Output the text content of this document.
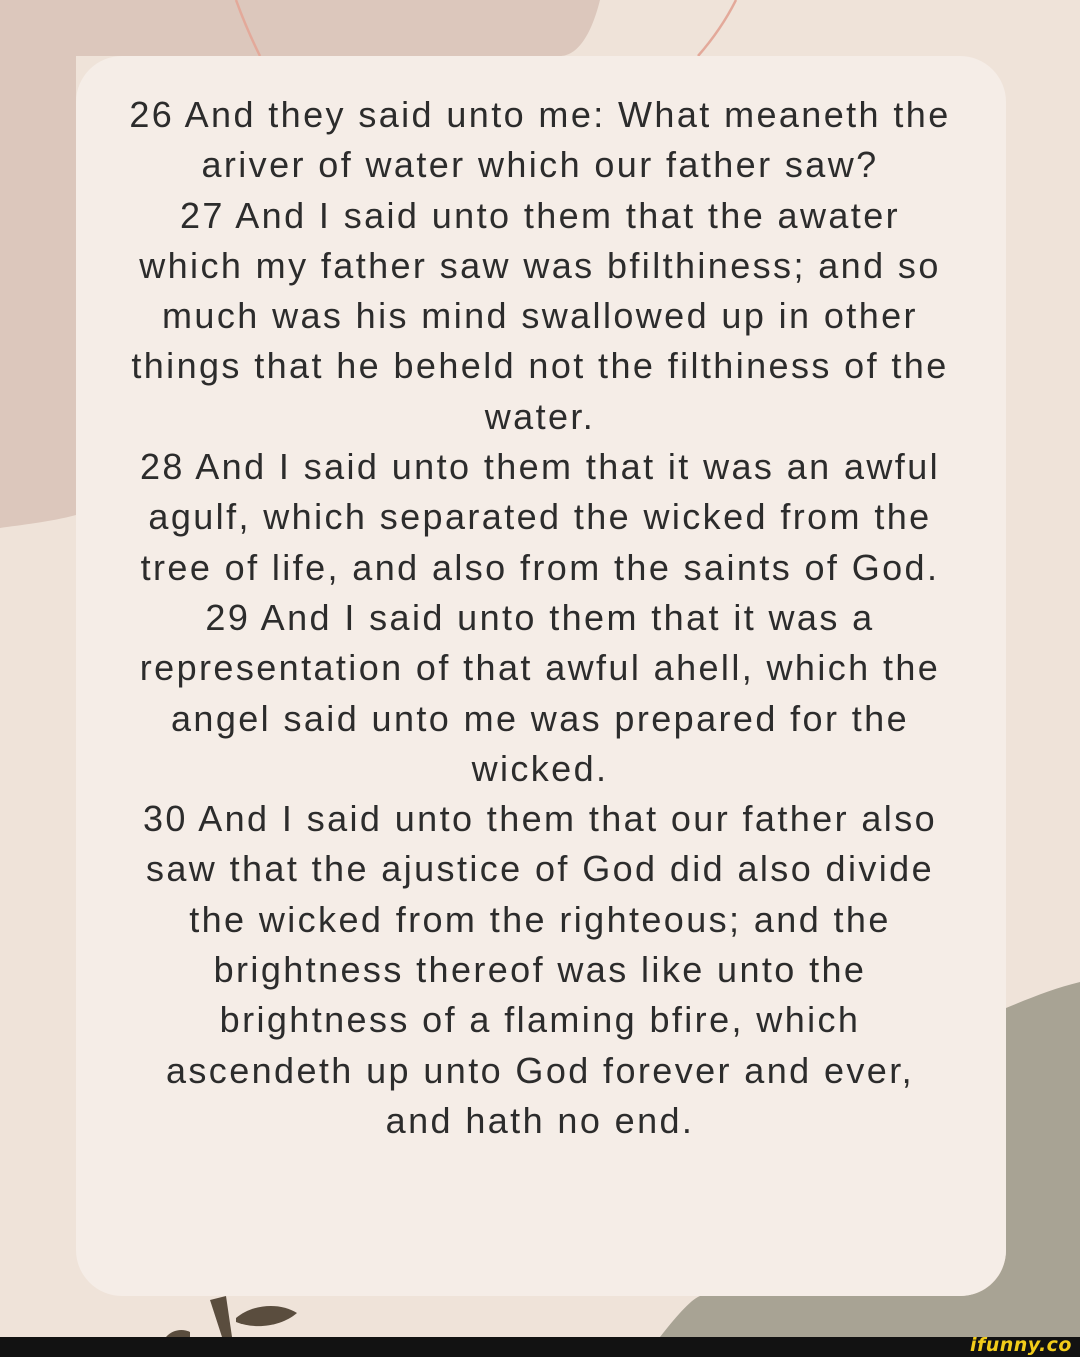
26 And they said unto me: What meaneth the
ariver of water which our father saw?
27 And I said unto them that the awater
which my father saw was bfilthiness; and so
much was his mind swallowed up in other
things that he beheld not the filthiness of the
water.
28 And I said unto them that it was an awful
agulf, which separated the wicked from the
tree of life, and also from the saints of God.
29 And I said unto them that it was a
representation of that awful ahell, which the
angel said unto me was prepared for the
wicked.
30 And I said unto them that our father also
saw that the ajustice of God did also divide
the wicked from the righteous; and the
brightness thereof was like unto the
brightness of a flaming bfire, which
ascendeth up unto God forever and ever,
and hath no end.
ifunny.co
